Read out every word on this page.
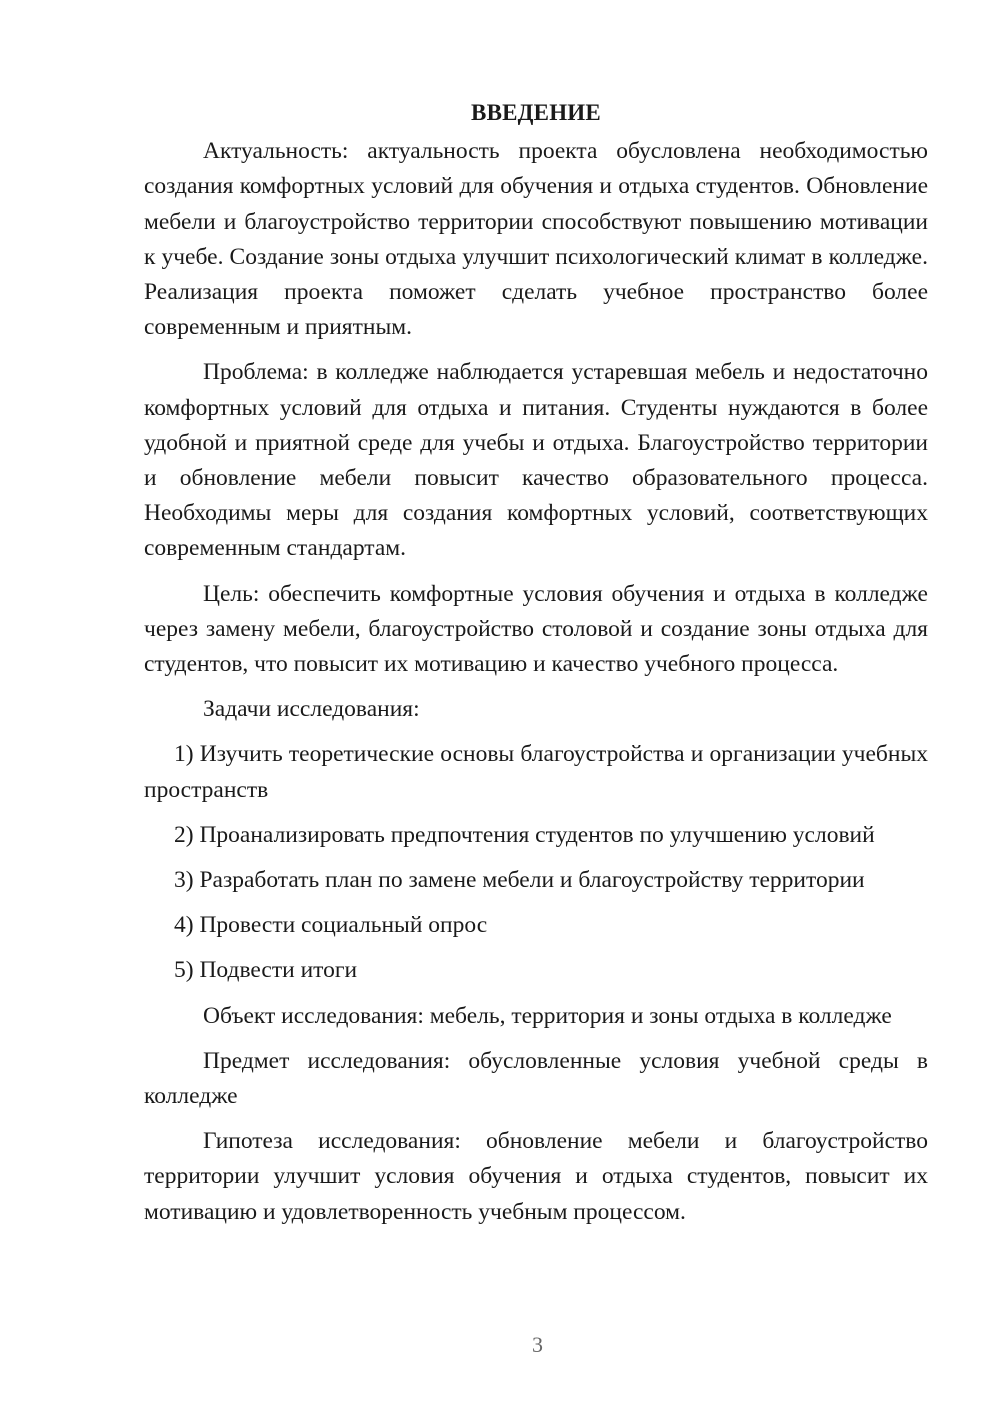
ВВЕДЕНИЕ

Актуальность: актуальность проекта обусловлена необходимостью создания комфортных условий для обучения и отдыха студентов. Обновление мебели и благоустройство территории способствуют повышению мотивации к учебе. Создание зоны отдыха улучшит психологический климат в колледже. Реализация проекта поможет сделать учебное пространство более современным и приятным.

Проблема: в колледже наблюдается устаревшая мебель и недостаточно комфортных условий для отдыха и питания. Студенты нуждаются в более удобной и приятной среде для учебы и отдыха. Благоустройство территории и обновление мебели повысит качество образовательного процесса. Необходимы меры для создания комфортных условий, соответствующих современным стандартам.

Цель: обеспечить комфортные условия обучения и отдыха в колледже через замену мебели, благоустройство столовой и создание зоны отдыха для студентов, что повысит их мотивацию и качество учебного процесса.

Задачи исследования:

1) Изучить теоретические основы благоустройства и организации учебных пространств

2) Проанализировать предпочтения студентов по улучшению условий

3) Разработать план по замене мебели и благоустройству территории

4) Провести социальный опрос

5) Подвести итоги

Объект исследования: мебель, территория и зоны отдыха в колледже

Предмет исследования: обусловленные условия учебной среды в колледже

Гипотеза исследования: обновление мебели и благоустройство территории улучшит условия обучения и отдыха студентов, повысит их мотивацию и удовлетворенность учебным процессом.

3
